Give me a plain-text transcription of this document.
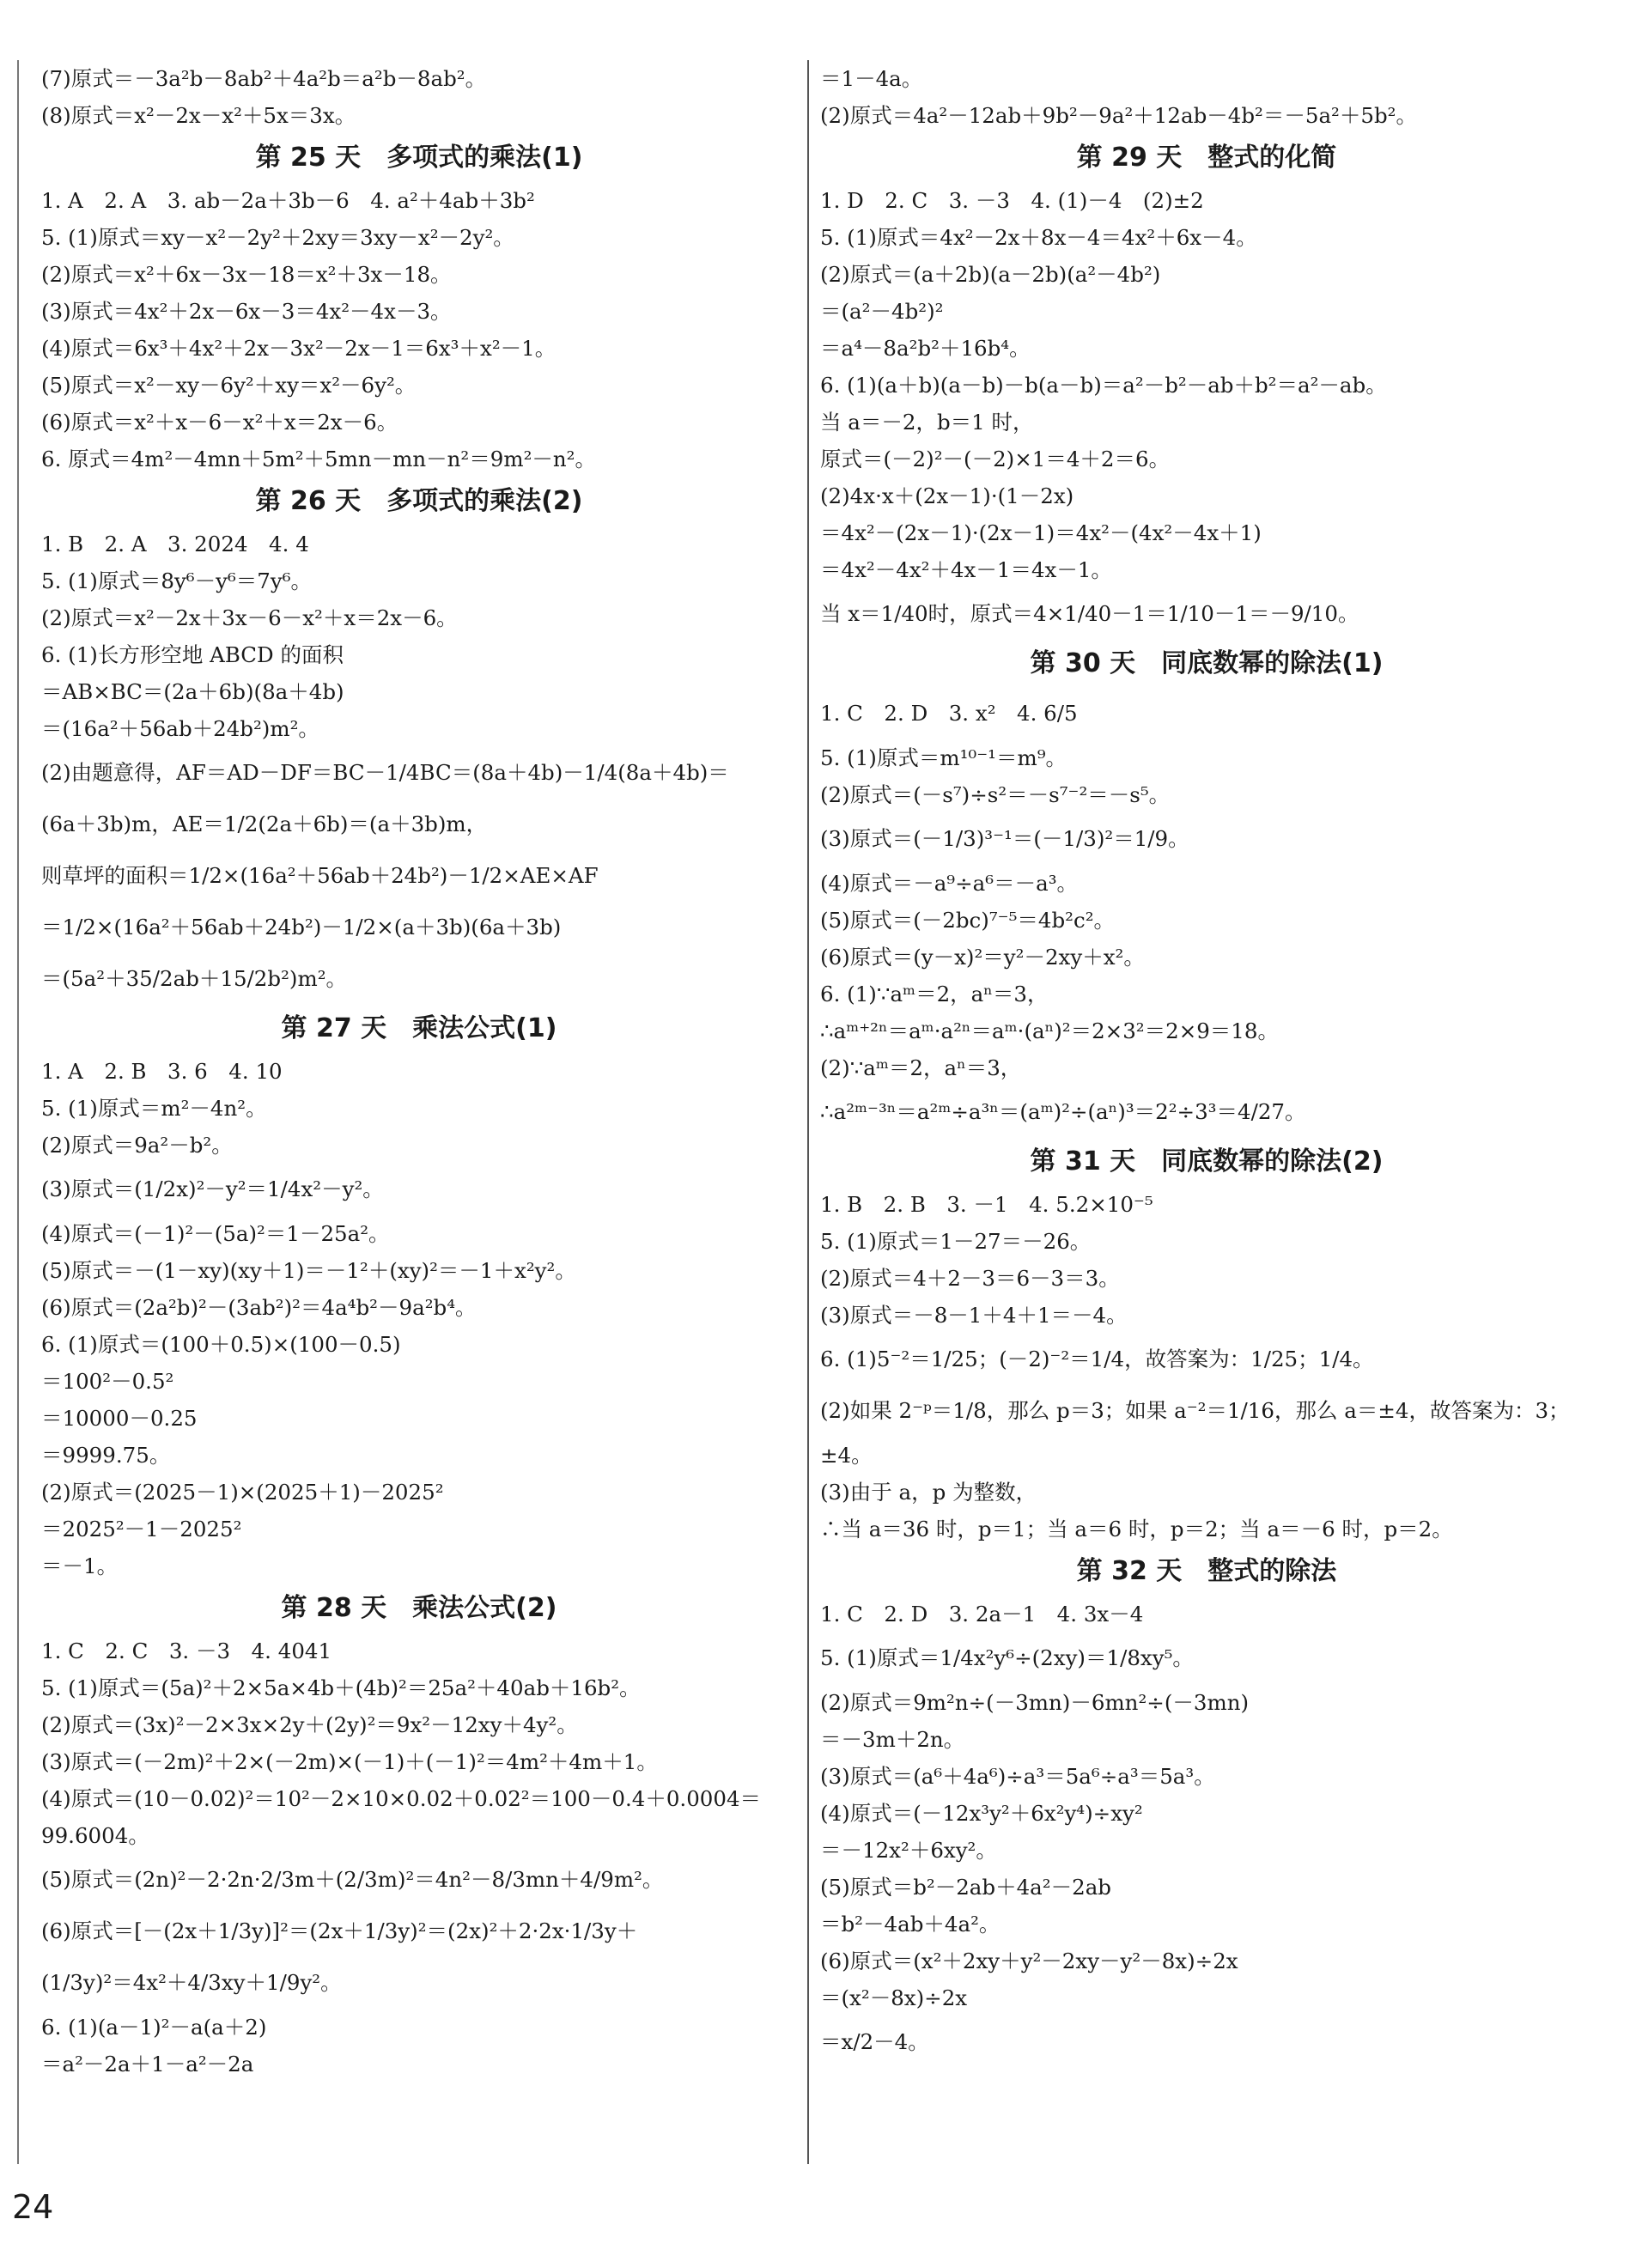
(7)原式＝－3a²b－8ab²＋4a²b＝a²b－8ab²。
(8)原式＝x²－2x－x²＋5x＝3x。
第 25 天　多项式的乘法(1)
1. A　2. A　3. ab－2a＋3b－6　4. a²＋4ab＋3b²
5. (1)原式＝xy－x²－2y²＋2xy＝3xy－x²－2y²。
(2)原式＝x²＋6x－3x－18＝x²＋3x－18。
(3)原式＝4x²＋2x－6x－3＝4x²－4x－3。
(4)原式＝6x³＋4x²＋2x－3x²－2x－1＝6x³＋x²－1。
(5)原式＝x²－xy－6y²＋xy＝x²－6y²。
(6)原式＝x²＋x－6－x²＋x＝2x－6。
6. 原式＝4m²－4mn＋5m²＋5mn－mn－n²＝9m²－n²。
第 26 天　多项式的乘法(2)
1. B　2. A　3. 2024　4. 4
5. (1)原式＝8y⁶－y⁶＝7y⁶。
(2)原式＝x²－2x＋3x－6－x²＋x＝2x－6。
6. (1)长方形空地 ABCD 的面积
＝AB×BC＝(2a＋6b)(8a＋4b)
＝(16a²＋56ab＋24b²)m²。
(2)由题意得，AF＝AD－DF＝BC－1/4BC＝(8a＋4b)－1/4(8a＋4b)＝
(6a＋3b)m，AE＝1/2(2a＋6b)＝(a＋3b)m，
则草坪的面积＝1/2×(16a²＋56ab＋24b²)－1/2×AE×AF
＝1/2×(16a²＋56ab＋24b²)－1/2×(a＋3b)(6a＋3b)
＝(5a²＋35/2ab＋15/2b²)m²。
第 27 天　乘法公式(1)
1. A　2. B　3. 6　4. 10
5. (1)原式＝m²－4n²。
(2)原式＝9a²－b²。
(3)原式＝(1/2x)²－y²＝1/4x²－y²。
(4)原式＝(－1)²－(5a)²＝1－25a²。
(5)原式＝－(1－xy)(xy＋1)＝－1²＋(xy)²＝－1＋x²y²。
(6)原式＝(2a²b)²－(3ab²)²＝4a⁴b²－9a²b⁴。
6. (1)原式＝(100＋0.5)×(100－0.5)
＝100²－0.5²
＝10000－0.25
＝9999.75。
(2)原式＝(2025－1)×(2025＋1)－2025²
＝2025²－1－2025²
＝－1。
第 28 天　乘法公式(2)
1. C　2. C　3. －3　4. 4041
5. (1)原式＝(5a)²＋2×5a×4b＋(4b)²＝25a²＋40ab＋16b²。
(2)原式＝(3x)²－2×3x×2y＋(2y)²＝9x²－12xy＋4y²。
(3)原式＝(－2m)²＋2×(－2m)×(－1)＋(－1)²＝4m²＋4m＋1。
(4)原式＝(10－0.02)²＝10²－2×10×0.02＋0.02²＝100－0.4＋0.0004＝
99.6004。
(5)原式＝(2n)²－2·2n·2/3m＋(2/3m)²＝4n²－8/3mn＋4/9m²。
(6)原式＝[－(2x＋1/3y)]²＝(2x＋1/3y)²＝(2x)²＋2·2x·1/3y＋
(1/3y)²＝4x²＋4/3xy＋1/9y²。
6. (1)(a－1)²－a(a＋2)
＝a²－2a＋1－a²－2a
＝1－4a。
(2)原式＝4a²－12ab＋9b²－9a²＋12ab－4b²＝－5a²＋5b²。
第 29 天　整式的化简
1. D　2. C　3. －3　4. (1)－4　(2)±2
5. (1)原式＝4x²－2x＋8x－4＝4x²＋6x－4。
(2)原式＝(a＋2b)(a－2b)(a²－4b²)
＝(a²－4b²)²
＝a⁴－8a²b²＋16b⁴。
6. (1)(a＋b)(a－b)－b(a－b)＝a²－b²－ab＋b²＝a²－ab。
当 a＝－2，b＝1 时，
原式＝(－2)²－(－2)×1＝4＋2＝6。
(2)4x·x＋(2x－1)·(1－2x)
＝4x²－(2x－1)·(2x－1)＝4x²－(4x²－4x＋1)
＝4x²－4x²＋4x－1＝4x－1。
当 x＝1/40时，原式＝4×1/40－1＝1/10－1＝－9/10。
第 30 天　同底数幂的除法(1)
1. C　2. D　3. x²　4. 6/5
5. (1)原式＝m¹⁰⁻¹＝m⁹。
(2)原式＝(－s⁷)÷s²＝－s⁷⁻²＝－s⁵。
(3)原式＝(－1/3)³⁻¹＝(－1/3)²＝1/9。
(4)原式＝－a⁹÷a⁶＝－a³。
(5)原式＝(－2bc)⁷⁻⁵＝4b²c²。
(6)原式＝(y－x)²＝y²－2xy＋x²。
6. (1)∵aᵐ＝2，aⁿ＝3，
∴aᵐ⁺²ⁿ＝aᵐ·a²ⁿ＝aᵐ·(aⁿ)²＝2×3²＝2×9＝18。
(2)∵aᵐ＝2，aⁿ＝3，
∴a²ᵐ⁻³ⁿ＝a²ᵐ÷a³ⁿ＝(aᵐ)²÷(aⁿ)³＝2²÷3³＝4/27。
第 31 天　同底数幂的除法(2)
1. B　2. B　3. －1　4. 5.2×10⁻⁵
5. (1)原式＝1－27＝－26。
(2)原式＝4＋2－3＝6－3＝3。
(3)原式＝－8－1＋4＋1＝－4。
6. (1)5⁻²＝1/25；(－2)⁻²＝1/4，故答案为：1/25；1/4。
(2)如果 2⁻ᵖ＝1/8，那么 p＝3；如果 a⁻²＝1/16，那么 a＝±4，故答案为：3；
±4。
(3)由于 a，p 为整数，
∴当 a＝36 时，p＝1；当 a＝6 时，p＝2；当 a＝－6 时，p＝2。
第 32 天　整式的除法
1. C　2. D　3. 2a－1　4. 3x－4
5. (1)原式＝1/4x²y⁶÷(2xy)＝1/8xy⁵。
(2)原式＝9m²n÷(－3mn)－6mn²÷(－3mn)
＝－3m＋2n。
(3)原式＝(a⁶＋4a⁶)÷a³＝5a⁶÷a³＝5a³。
(4)原式＝(－12x³y²＋6x²y⁴)÷xy²
＝－12x²＋6xy²。
(5)原式＝b²－2ab＋4a²－2ab
＝b²－4ab＋4a²。
(6)原式＝(x²＋2xy＋y²－2xy－y²－8x)÷2x
＝(x²－8x)÷2x
＝x/2－4。
24
